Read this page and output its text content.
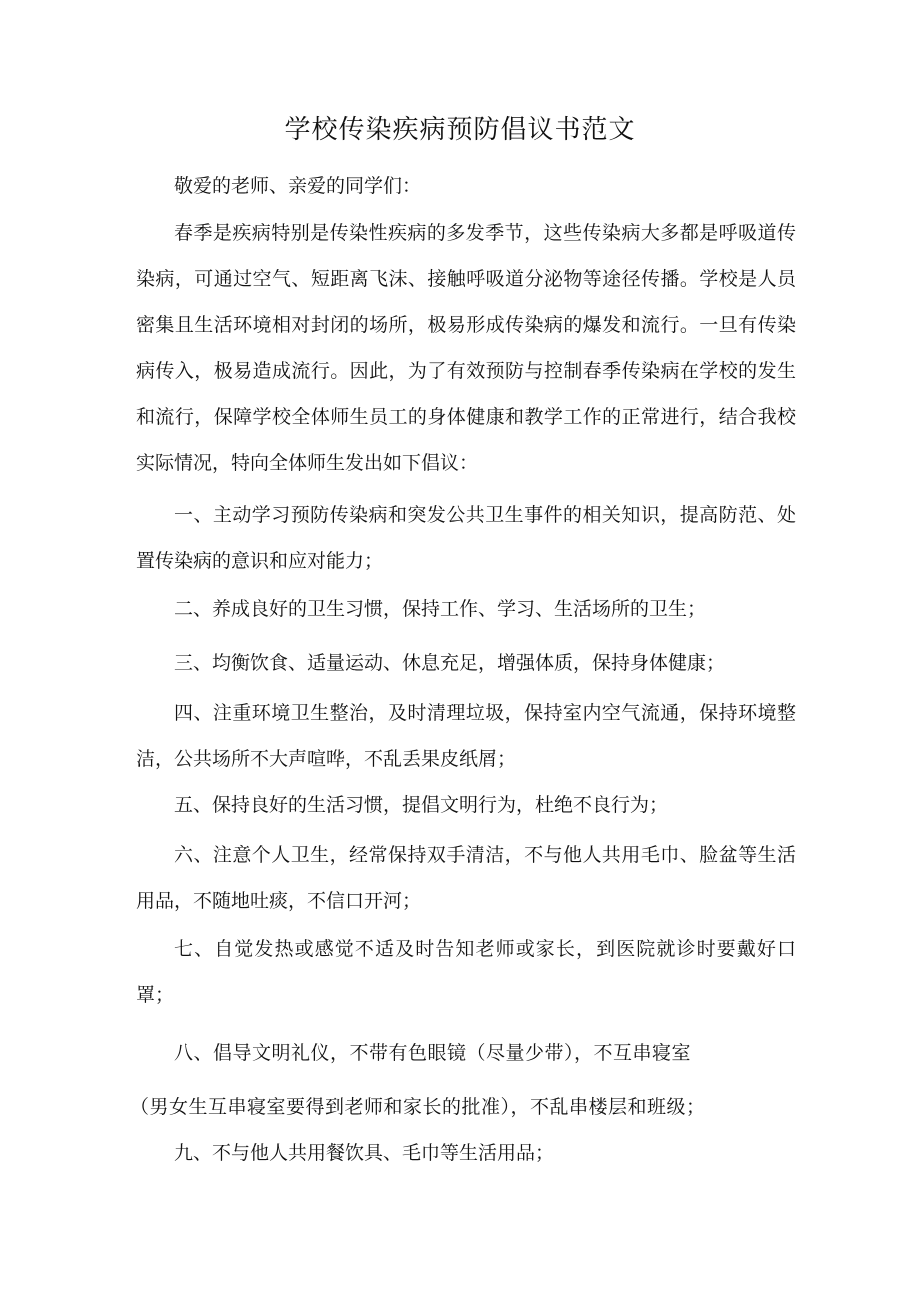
学校传染疾病预防倡议书范文

敬爱的老师、亲爱的同学们：

春季是疾病特别是传染性疾病的多发季节，这些传染病大多都是呼吸道传染病，可通过空气、短距离飞沫、接触呼吸道分泌物等途径传播。学校是人员密集且生活环境相对封闭的场所，极易形成传染病的爆发和流行。一旦有传染病传入，极易造成流行。因此，为了有效预防与控制春季传染病在学校的发生和流行，保障学校全体师生员工的身体健康和教学工作的正常进行，结合我校实际情况，特向全体师生发出如下倡议：

一、主动学习预防传染病和突发公共卫生事件的相关知识，提高防范、处置传染病的意识和应对能力；

二、养成良好的卫生习惯，保持工作、学习、生活场所的卫生；

三、均衡饮食、适量运动、休息充足，增强体质，保持身体健康；

四、注重环境卫生整治，及时清理垃圾，保持室内空气流通，保持环境整洁，公共场所不大声喧哗，不乱丢果皮纸屑；

五、保持良好的生活习惯，提倡文明行为，杜绝不良行为；

六、注意个人卫生，经常保持双手清洁，不与他人共用毛巾、脸盆等生活用品，不随地吐痰，不信口开河；

七、自觉发热或感觉不适及时告知老师或家长，到医院就诊时要戴好口罩；

八、倡导文明礼仪，不带有色眼镜（尽量少带），不互串寝室

（男女生互串寝室要得到老师和家长的批准），不乱串楼层和班级；

九、不与他人共用餐饮具、毛巾等生活用品；
